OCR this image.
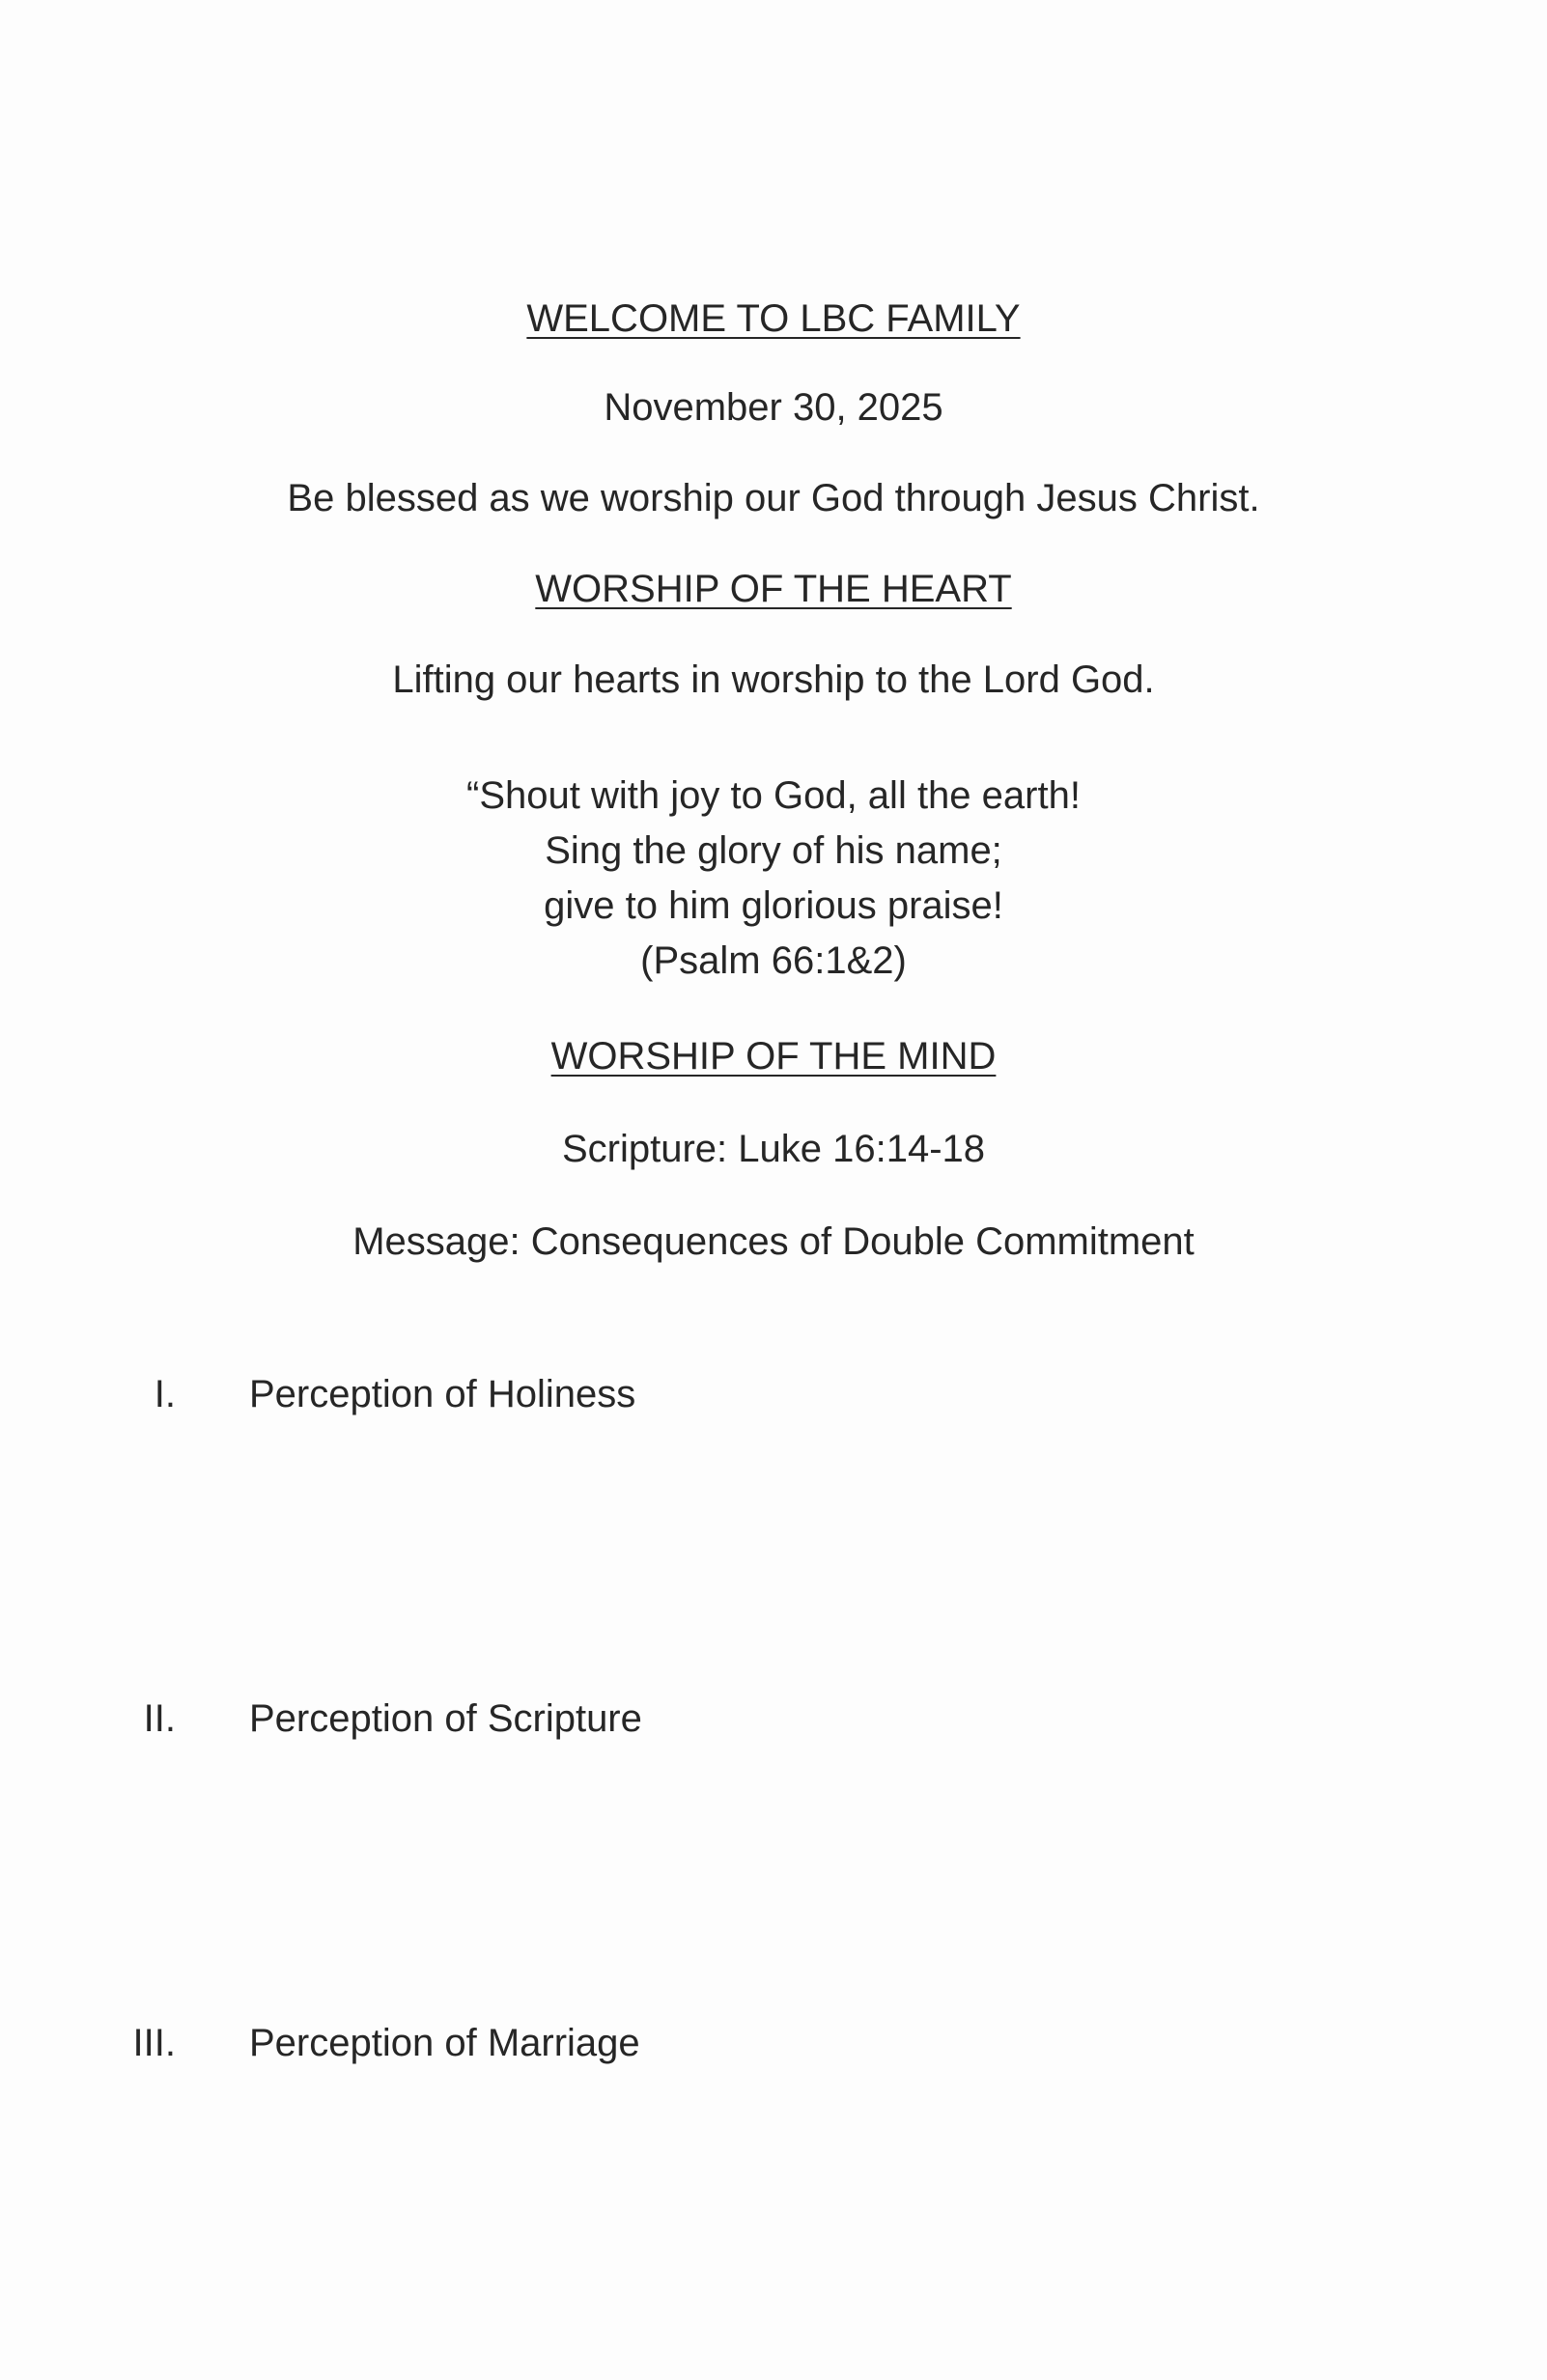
WELCOME TO LBC FAMILY
November 30, 2025
Be blessed as we worship our God through Jesus Christ.
WORSHIP OF THE HEART
Lifting our hearts in worship to the Lord God.
“Shout with joy to God, all the earth!
Sing the glory of his name;
give to him glorious praise!
(Psalm 66:1&2)
WORSHIP OF THE MIND
Scripture: Luke 16:14-18
Message: Consequences of Double Commitment
I. Perception of Holiness
II. Perception of Scripture
III. Perception of Marriage
